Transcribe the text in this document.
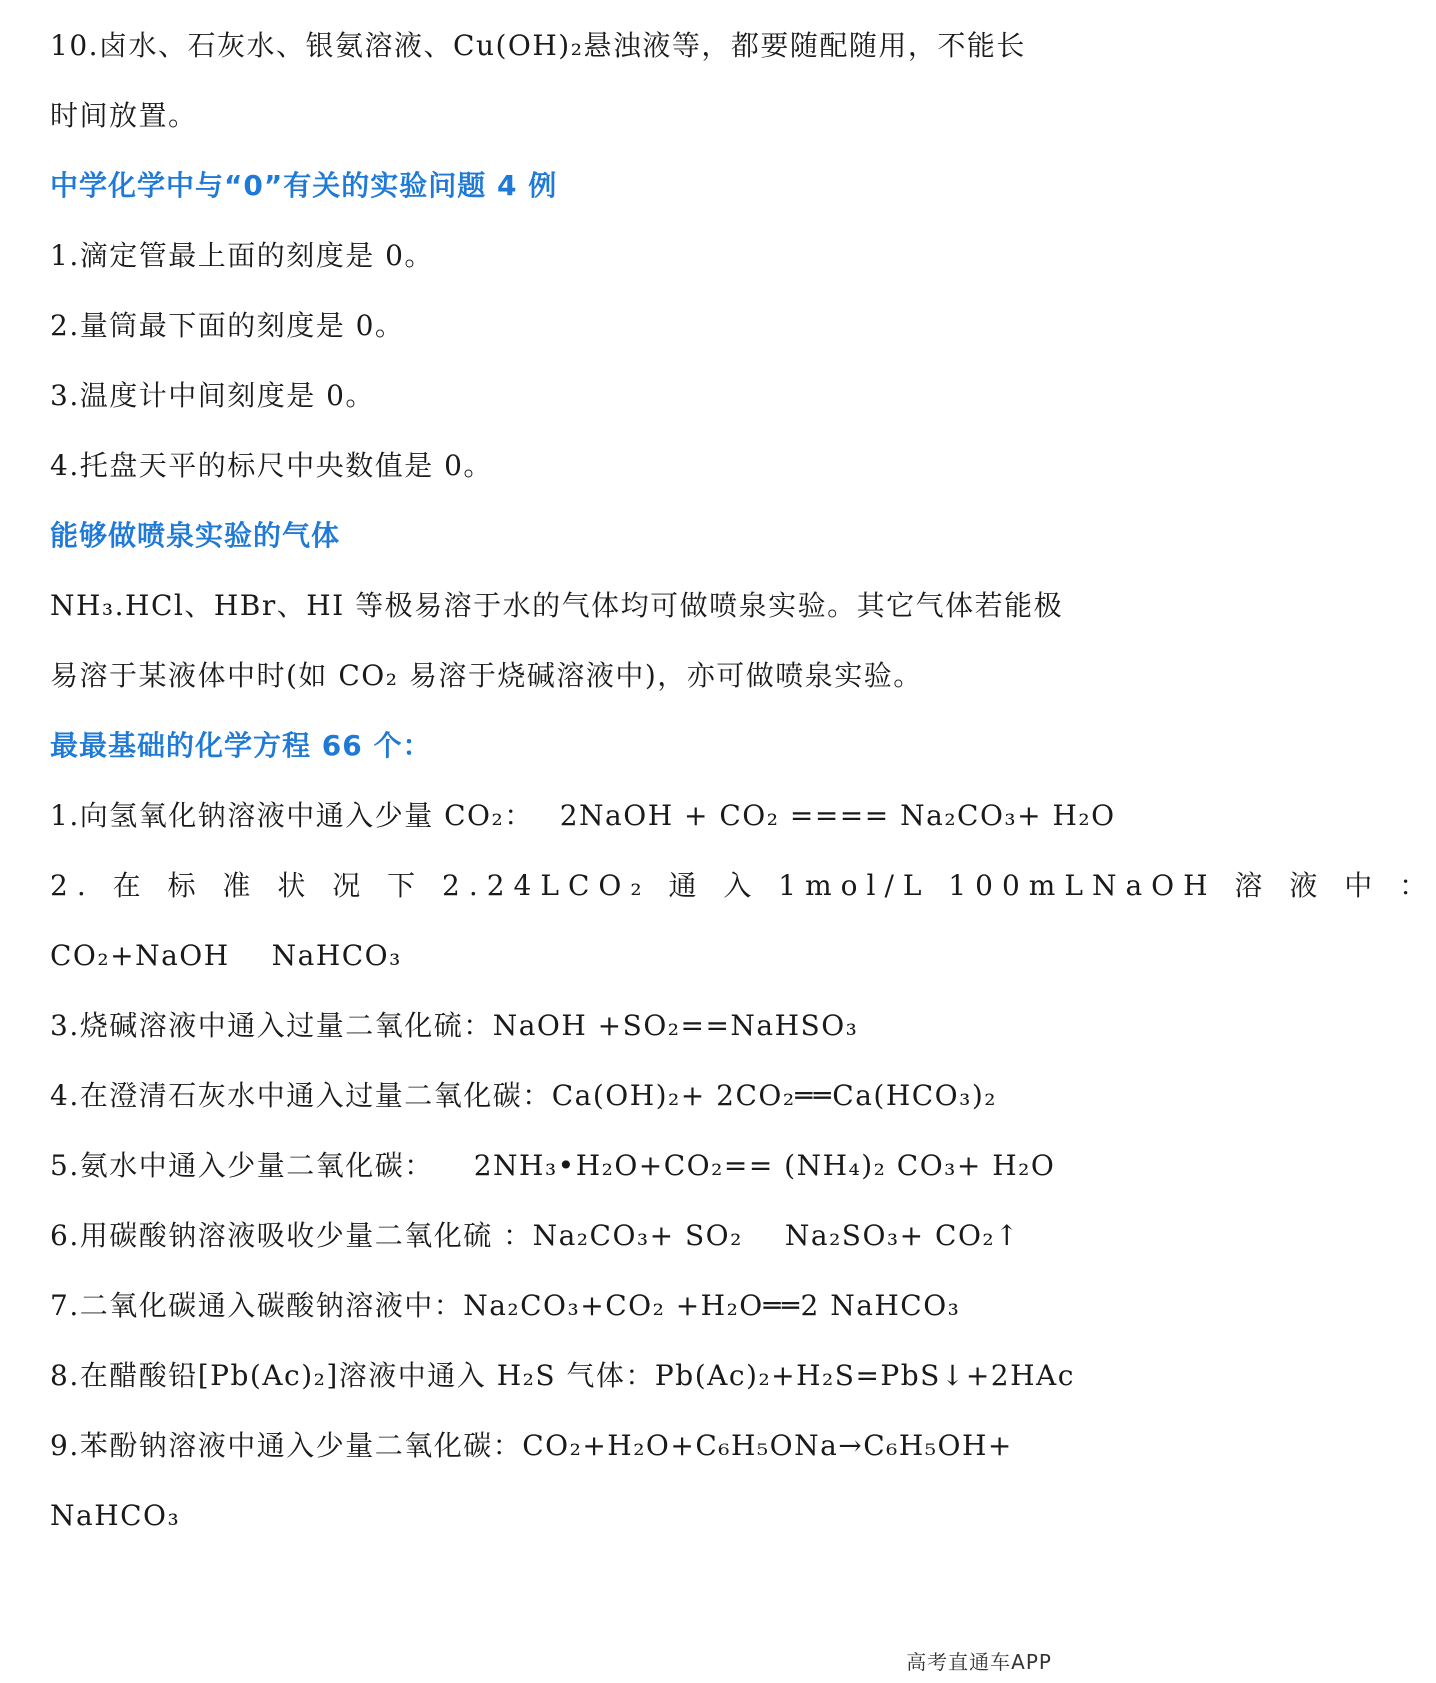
10.卤水、石灰水、银氨溶液、Cu(OH)₂悬浊液等，都要随配随用，不能长
时间放置。
中学化学中与“0”有关的实验问题 4 例
1.滴定管最上面的刻度是 0。
2.量筒最下面的刻度是 0。
3.温度计中间刻度是 0。
4.托盘天平的标尺中央数值是 0。
能够做喷泉实验的气体
NH₃.HCl、HBr、HI 等极易溶于水的气体均可做喷泉实验。其它气体若能极
易溶于某液体中时(如 CO₂ 易溶于烧碱溶液中)，亦可做喷泉实验。
最最基础的化学方程 66 个：
1.向氢氧化钠溶液中通入少量 CO₂： 2NaOH + CO₂ ==== Na₂CO₃+ H₂O
2. 在 标 准 状 况 下 2.24LCO₂ 通 入 1mol/L 100mLNaOH 溶 液 中 ：
CO₂+NaOH NaHCO₃
3.烧碱溶液中通入过量二氧化硫：NaOH +SO₂==NaHSO₃
4.在澄清石灰水中通入过量二氧化碳：Ca(OH)₂+ 2CO₂══Ca(HCO₃)₂
5.氨水中通入少量二氧化碳： 2NH₃•H₂O+CO₂== (NH₄)₂ CO₃+ H₂O
6.用碳酸钠溶液吸收少量二氧化硫 ：Na₂CO₃+ SO₂ Na₂SO₃+ CO₂↑
7.二氧化碳通入碳酸钠溶液中：Na₂CO₃+CO₂ +H₂O══2 NaHCO₃
8.在醋酸铅[Pb(Ac)₂]溶液中通入 H₂S 气体：Pb(Ac)₂+H₂S=PbS↓+2HAc
9.苯酚钠溶液中通入少量二氧化碳：CO₂+H₂O+C₆H₅ONa→C₆H₅OH+
NaHCO₃
高考直通车APP
